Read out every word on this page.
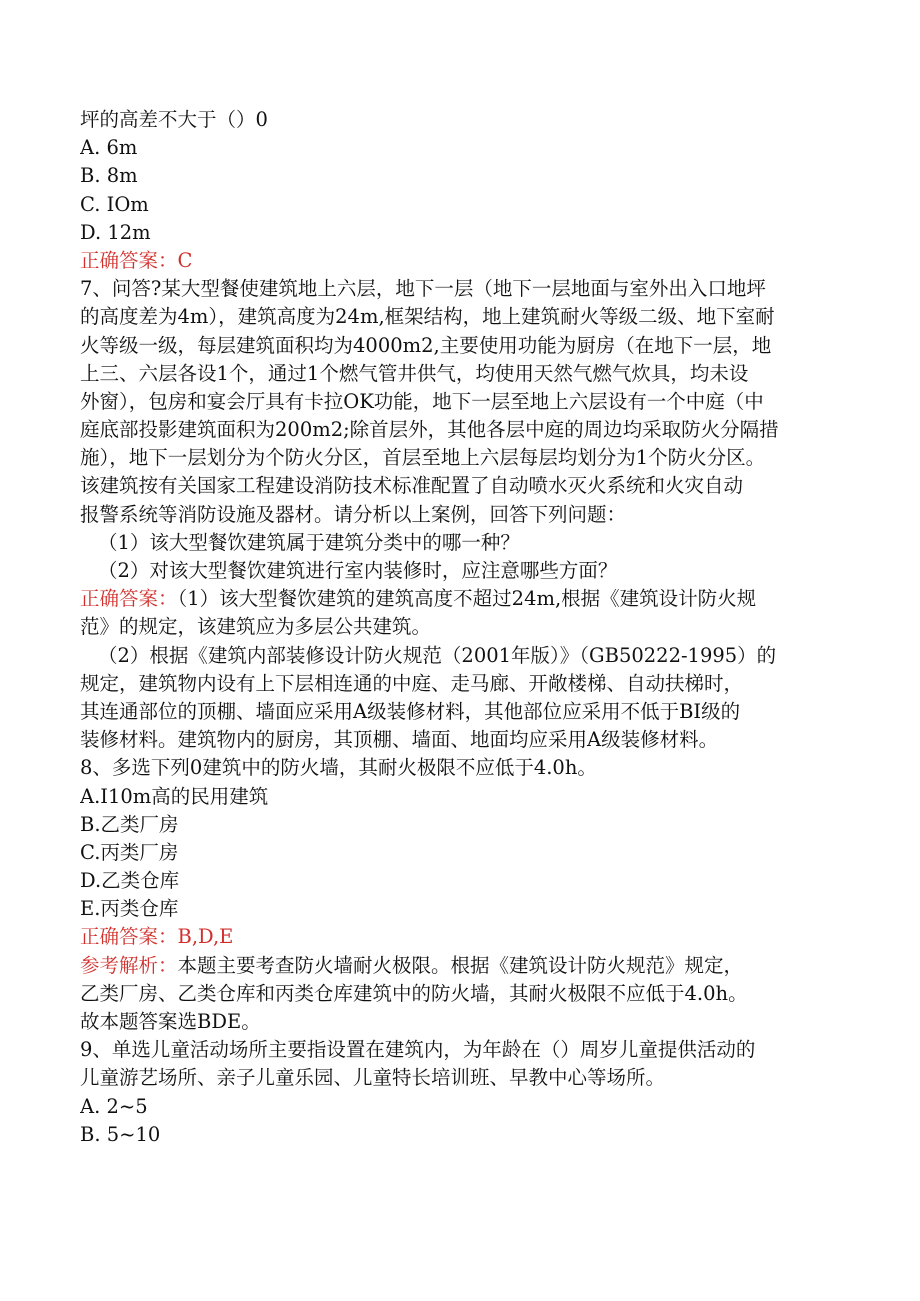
坪的高差不大于（）0
A. 6m
B. 8m
C. IOm
D. 12m
正确答案：C
7、问答?某大型餐使建筑地上六层，地下一层（地下一层地面与室外出入口地坪
的高度差为4m），建筑高度为24m,框架结构，地上建筑耐火等级二级、地下室耐
火等级一级，每层建筑面积均为4000m2,主要使用功能为厨房（在地下一层，地
上三、六层各设1个，通过1个燃气管井供气，均使用天然气燃气炊具，均未设
外窗），包房和宴会厅具有卡拉OK功能，地下一层至地上六层设有一个中庭（中
庭底部投影建筑面积为200m2;除首层外，其他各层中庭的周边均采取防火分隔措
施），地下一层划分为个防火分区，首层至地上六层每层均划分为1个防火分区。
该建筑按有关国家工程建设消防技术标准配置了自动喷水灭火系统和火灾自动
报警系统等消防设施及器材。请分析以上案例，回答下列问题：
（1）该大型餐饮建筑属于建筑分类中的哪一种？
（2）对该大型餐饮建筑进行室内装修时，应注意哪些方面？
正确答案：（1）该大型餐饮建筑的建筑高度不超过24m,根据《建筑设计防火规
范》的规定，该建筑应为多层公共建筑。
（2）根据《建筑内部装修设计防火规范（2001年版）》（GB50222-1995）的
规定，建筑物内设有上下层相连通的中庭、走马廊、开敞楼梯、自动扶梯时，
其连通部位的顶棚、墙面应采用A级装修材料，其他部位应采用不低于BI级的
装修材料。建筑物内的厨房，其顶棚、墙面、地面均应采用A级装修材料。
8、多选下列0建筑中的防火墙，其耐火极限不应低于4.0h。
A.I10m高的民用建筑
B.乙类厂房
C.丙类厂房
D.乙类仓库
E.丙类仓库
正确答案：B,D,E
参考解析：本题主要考查防火墙耐火极限。根据《建筑设计防火规范》规定，
乙类厂房、乙类仓库和丙类仓库建筑中的防火墙，其耐火极限不应低于4.0h。
故本题答案选BDE。
9、单选儿童活动场所主要指设置在建筑内，为年龄在（）周岁儿童提供活动的
儿童游艺场所、亲子儿童乐园、儿童特长培训班、早教中心等场所。
A. 2~5
B. 5~10
